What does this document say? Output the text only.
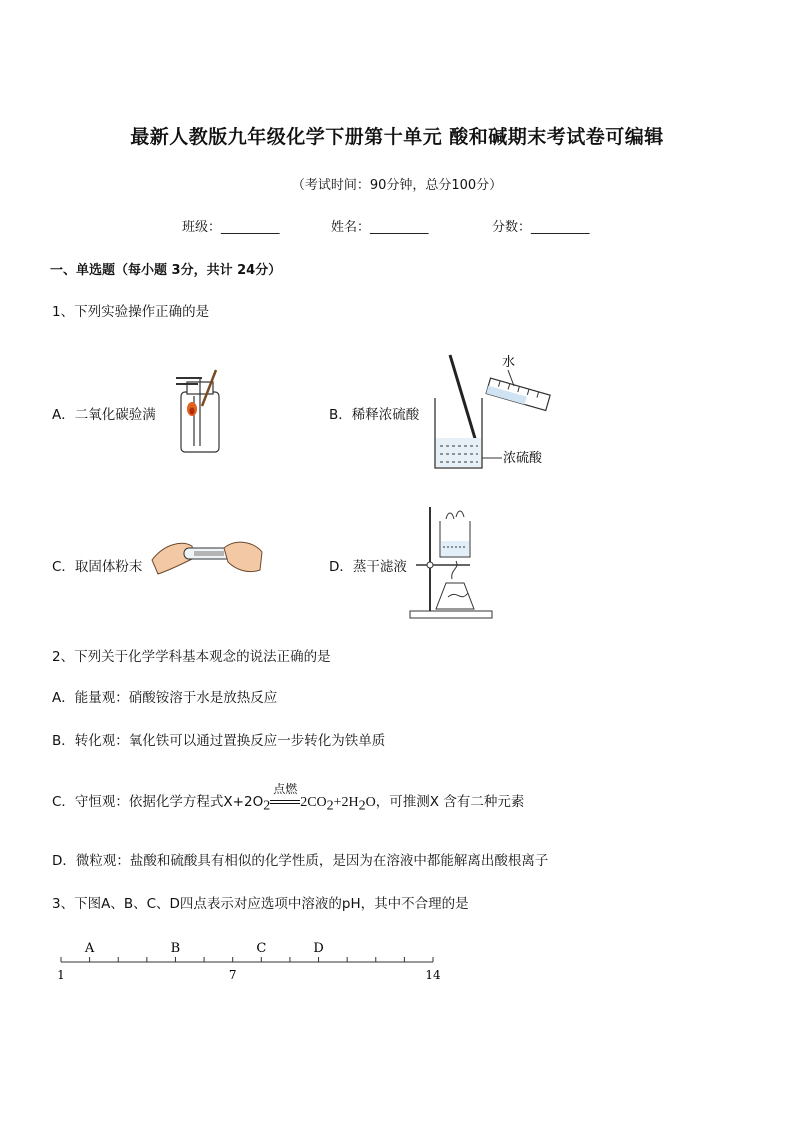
最新人教版九年级化学下册第十单元 酸和碱期末考试卷可编辑
（考试时间：90分钟，总分100分）
班级：_________	姓名：_________	分数：_________
一、单选题（每小题 3分，共计 24分）
1、下列实验操作正确的是
A．二氧化碳验满	B．稀释浓硫酸
水
浓硫酸
C．取固体粉末	D．蒸干滤液
2、下列关于化学学科基本观念的说法正确的是
A．能量观：硝酸铵溶于水是放热反应
B．转化观：氧化铁可以通过置换反应一步转化为铁单质
C．守恒观：依据化学方程式$X+2O_2$
点燃
$2CO_2+2H_2O$，可推测X 含有二种元素
D．微粒观：盐酸和硫酸具有相似的化学性质，是因为在溶液中都能解离出酸根离子
3、下图A、B、C、D四点表示对应选项中溶液的pH，其中不合理的是
1	7	14
A	B	C	D
